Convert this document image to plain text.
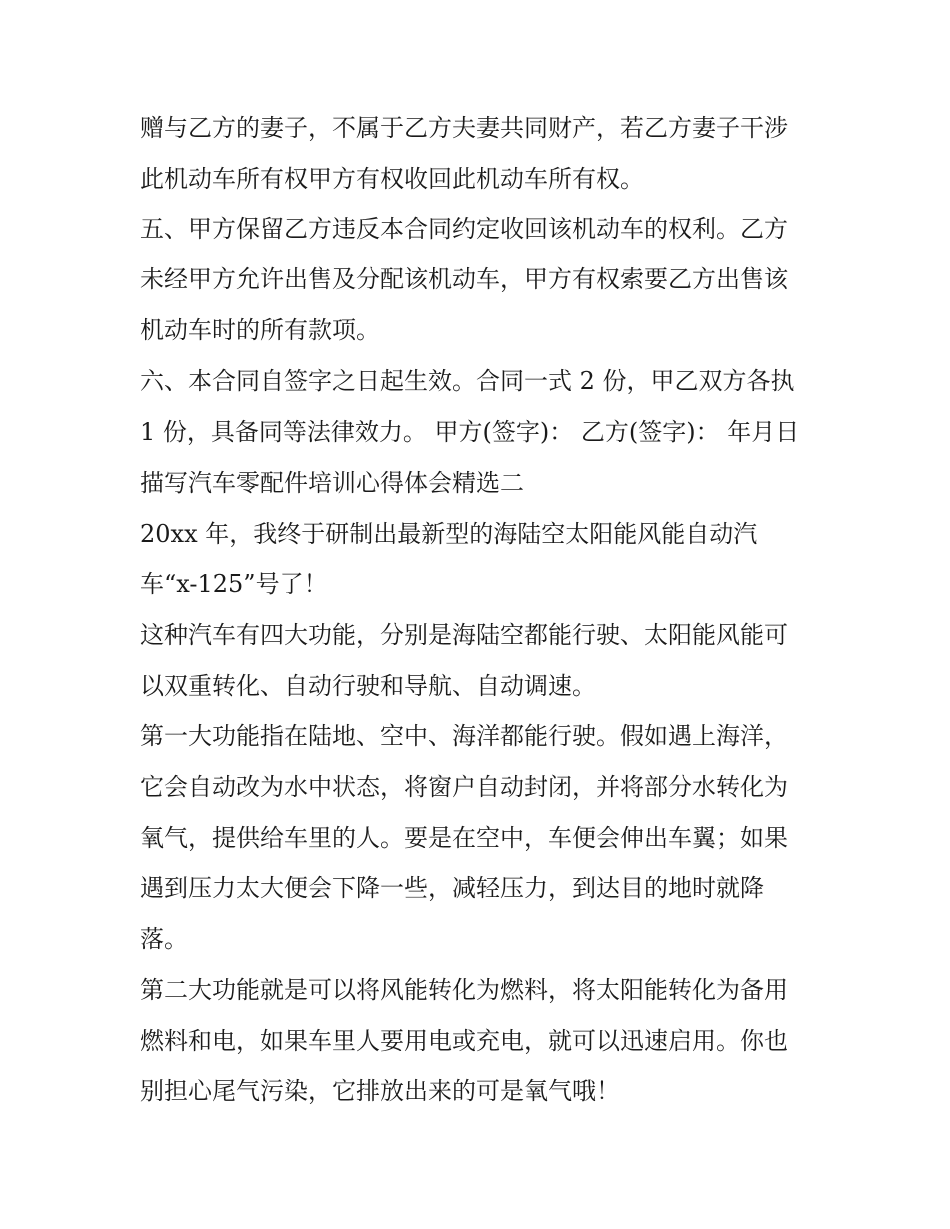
赠与乙方的妻子，不属于乙方夫妻共同财产，若乙方妻子干涉
此机动车所有权甲方有权收回此机动车所有权。
五、甲方保留乙方违反本合同约定收回该机动车的权利。乙方
未经甲方允许出售及分配该机动车，甲方有权索要乙方出售该
机动车时的所有款项。
六、本合同自签字之日起生效。合同一式 2 份，甲乙双方各执
1 份，具备同等法律效力。 甲方(签字)： 乙方(签字)： 年月日
描写汽车零配件培训心得体会精选二
20xx 年，我终于研制出最新型的海陆空太阳能风能自动汽
车“x-125”号了！
这种汽车有四大功能，分别是海陆空都能行驶、太阳能风能可
以双重转化、自动行驶和导航、自动调速。
第一大功能指在陆地、空中、海洋都能行驶。假如遇上海洋，
它会自动改为水中状态，将窗户自动封闭，并将部分水转化为
氧气，提供给车里的人。要是在空中，车便会伸出车翼；如果
遇到压力太大便会下降一些，减轻压力，到达目的地时就降
落。
第二大功能就是可以将风能转化为燃料，将太阳能转化为备用
燃料和电，如果车里人要用电或充电，就可以迅速启用。你也
别担心尾气污染，它排放出来的可是氧气哦！
